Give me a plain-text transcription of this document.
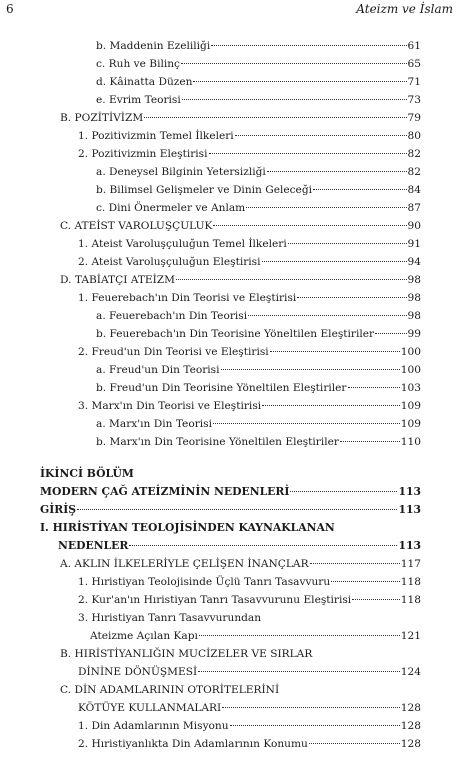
6	Ateizm ve İslam
b. Maddenin Ezeliliği	61
c. Ruh ve Bilinç	65
d. Kâinatta Düzen	71
e. Evrim Teorisi	73
B. POZİTİVİZM	79
1. Pozitivizmin Temel İlkeleri	80
2. Pozitivizmin Eleştirisi	82
a. Deneysel Bilginin Yetersizliği	82
b. Bilimsel Gelişmeler ve Dinin Geleceği	84
c. Dini Önermeler ve Anlam	87
C. ATEİST VAROLUŞÇULUK	90
1. Ateist Varoluşçuluğun Temel İlkeleri	91
2. Ateist Varoluşçuluğun Eleştirisi	94
D. TABİATÇI ATEİZM	98
1. Feuerebach'ın Din Teorisi ve Eleştirisi	98
a. Feuerebach'ın Din Teorisi	98
b. Feuerebach'ın Din Teorisine Yöneltilen Eleştiriler	99
2. Freud'un Din Teorisi ve Eleştirisi	100
a. Freud'un Din Teorisi	100
b. Freud'un Din Teorisine Yöneltilen Eleştiriler	103
3. Marx'ın Din Teorisi ve Eleştirisi	109
a. Marx'ın Din Teorisi	109
b. Marx'ın Din Teorisine Yöneltilen Eleştiriler	110
İKİNCİ BÖLÜM
MODERN ÇAĞ ATEİZMİNİN NEDENLERİ	113
GİRİŞ	113
I. HIRİSTİYAN TEOLOJİSİNDEN KAYNAKLANAN
NEDENLER	113
A. AKLIN İLKELERİYLE ÇELİŞEN İNANÇLAR	117
1. Hıristiyan Teolojisinde Üçlü Tanrı Tasavvuru	118
2. Kur'an'ın Hıristiyan Tanrı Tasavvurunu Eleştirisi	118
3. Hıristiyan Tanrı Tasavvurundan
Ateizme Açılan Kapı	121
B. HIRİSTİYANLIĞIN MUCİZELER VE SIRLAR
DİNİNE DÖNÜŞMESİ	124
C. DİN ADAMLARININ OTORİTELERİNİ
KÖTÜYE KULLANMALARI	128
1. Din Adamlarının Misyonu	128
2. Hıristiyanlıkta Din Adamlarının Konumu	128
